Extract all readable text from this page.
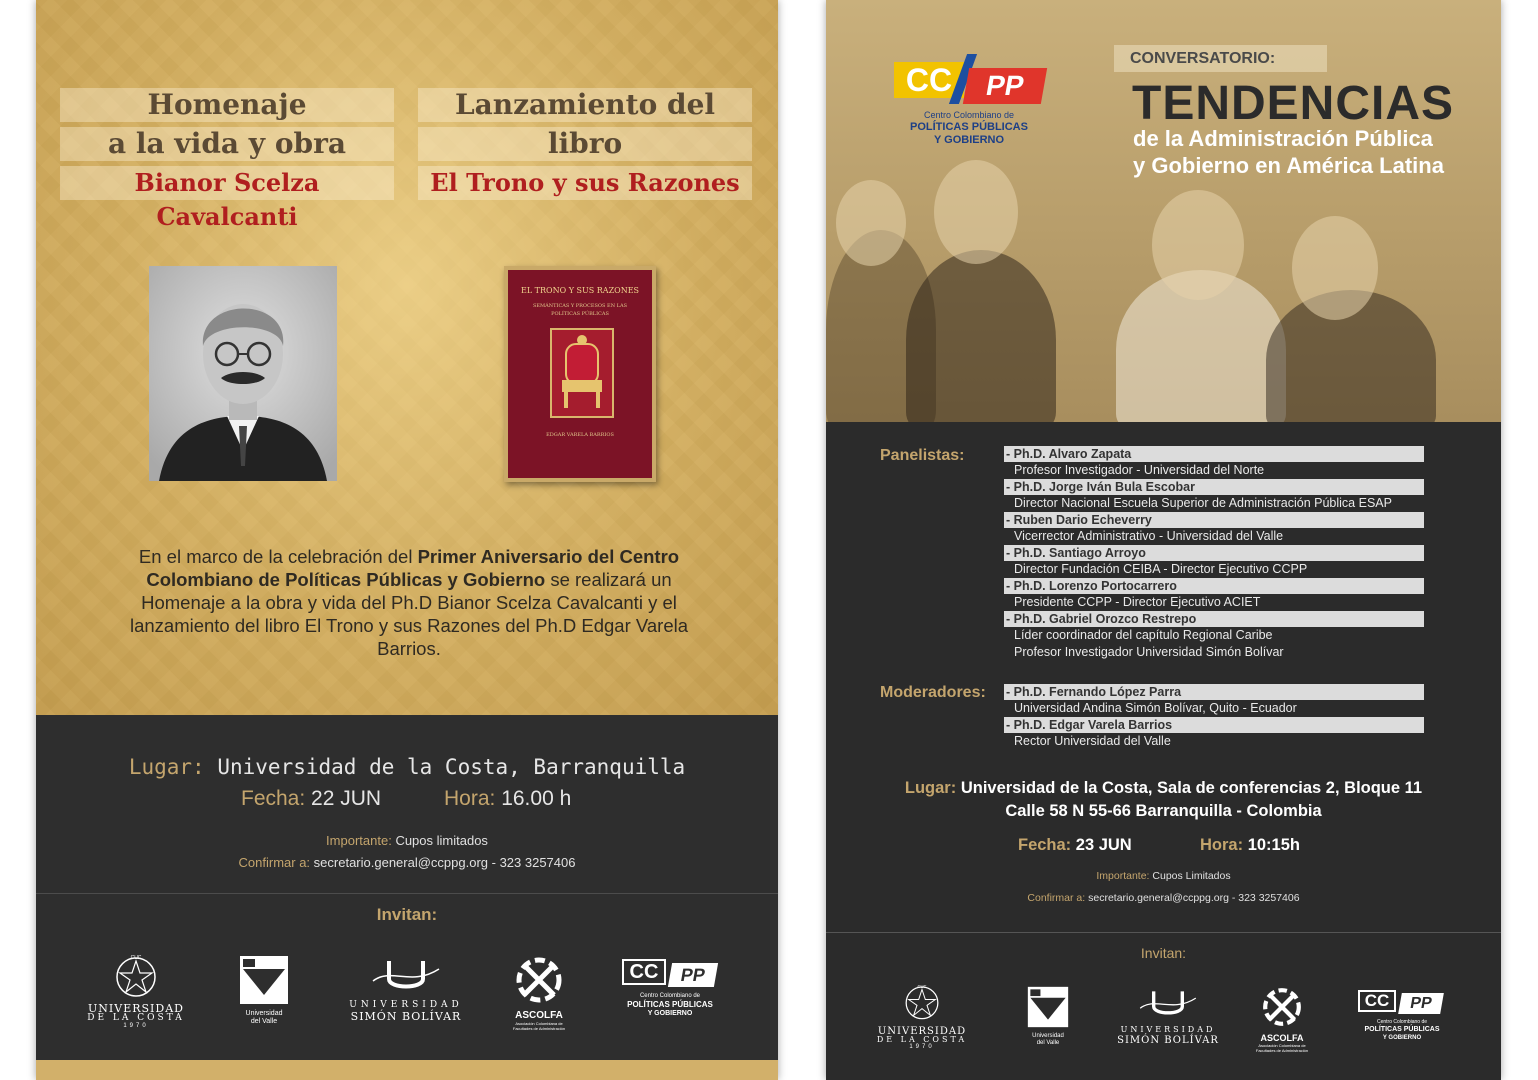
Homenaje
a la vida y obra
Bianor Scelza Cavalcanti
Lanzamiento del
libro
El Trono y sus Razones
EL TRONO Y SUS RAZONES
SEMÁNTICAS Y PROCESOS EN LAS POLÍTICAS PÚBLICAS
EDGAR VARELA BARRIOS
En el marco de la celebración del Primer Aniversario del Centro Colombiano de Políticas Públicas y Gobierno se realizará un Homenaje a la obra y vida del Ph.D Bianor Scelza Cavalcanti y el lanzamiento del libro El Trono y sus Razones del Ph.D Edgar Varela Barrios.
Lugar: Universidad de la Costa, Barranquilla
Fecha: 22 JUN	Hora: 16.00 h
Importante: Cupos limitados
Confirmar a: secretario.general@ccppg.org - 323 3257406
Invitan:
CUC
UNIVERSIDAD
DE LA COSTA
1970
Universidad
del Valle
UNIVERSIDAD
SIMÓN BOLÍVAR	ASCOLFA
Asociación Colombiana de Facultades de Administración
CC	PP
Centro Colombiano de
POLÍTICAS PÚBLICAS
Y GOBIERNO
CC	PP
Centro Colombiano de
POLÍTICAS PÚBLICAS
Y GOBIERNO
CONVERSATORIO:
TENDENCIAS
de la Administración Pública
y Gobierno en América Latina
Panelistas:	- Ph.D. Alvaro Zapata
Profesor Investigador - Universidad del Norte
- Ph.D. Jorge Iván Bula Escobar
Director Nacional Escuela Superior de Administración Pública ESAP
- Ruben Dario Echeverry
Vicerrector Administrativo - Universidad del Valle
- Ph.D. Santiago Arroyo
Director Fundación CEIBA - Director Ejecutivo CCPP
- Ph.D. Lorenzo Portocarrero
Presidente CCPP - Director Ejecutivo ACIET
- Ph.D. Gabriel Orozco Restrepo
Líder coordinador del capítulo Regional Caribe
Profesor Investigador Universidad Simón Bolívar
Moderadores: - Ph.D. Fernando López Parra
Universidad Andina Simón Bolívar, Quito - Ecuador
- Ph.D. Edgar Varela Barrios
Rector Universidad del Valle
Lugar: Universidad de la Costa, Sala de conferencias 2, Bloque 11
Calle 58 N 55-66 Barranquilla - Colombia
Fecha: 23 JUN	Hora: 10:15h
Importante: Cupos Limitados
Confirmar a: secretario.general@ccppg.org - 323 3257406
Invitan:
CUC
UNIVERSIDAD
DE LA COSTA
1970
Universidad
del Valle
UNIVERSIDAD
SIMÓN BOLÍVAR	ASCOLFA
Asociación Colombiana de Facultades de Administración
CC	PP
Centro Colombiano de
POLÍTICAS PÚBLICAS
Y GOBIERNO
